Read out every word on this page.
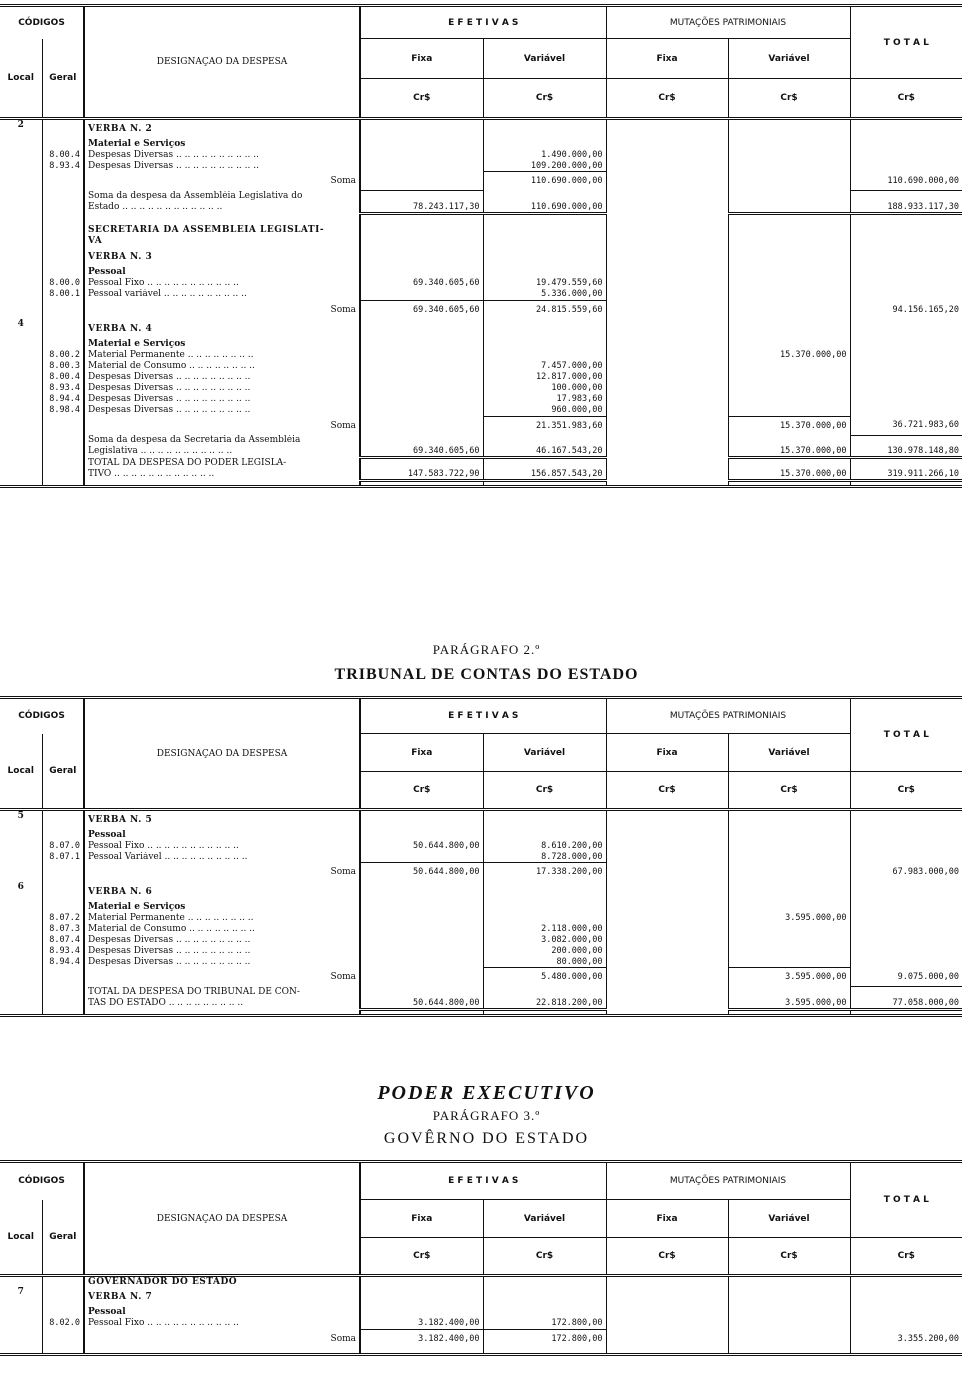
CÓDIGOS		DESIGNAÇAO DA DESPESA	E F E T I V A S		MUTAÇÕES PATRIMONIAIS		T O T A L
Local	Geral		Fixa	Variável	Fixa	Variável	
			Cr$	Cr$	Cr$	Cr$	Cr$
2		VERBA N. 2					
		Material e Serviços					
	8.00.4	Despesas Diversas .. .. .. .. .. .. .. .. .. ..		1.490.000,00			
	8.93.4	Despesas Diversas .. .. .. .. .. .. .. .. .. ..		109.200.000,00			
		Soma		110.690.000,00			110.690.000,00
		Soma da despesa da Assembléia Legislativa do					
		Estado .. .. .. .. .. .. .. .. .. .. .. ..	78.243.117,30	110.690.000,00			188.933.117,30

		SECRETARIA DA ASSEMBLÉIA LEGISLATI-					
		VA					
		VERBA N. 3					
		Pessoal					
	8.00.0	Pessoal Fixo .. .. .. .. .. .. .. .. .. .. ..	69.340.605,60	19.479.559,60			
	8.00.1	Pessoal variável .. .. .. .. .. .. .. .. .. ..		5.336.000,00			
		Soma	69.340.605,60	24.815.559,60			94.156.165,20
4		VERBA N. 4					
		Material e Serviços					
	8.00.2	Material Permanente .. .. .. .. .. .. .. ..				15.370.000,00	
	8.00.3	Material de Consumo .. .. .. .. .. .. .. ..		7.457.000,00			
	8.00.4	Despesas Diversas .. .. .. .. .. .. .. .. ..		12.817.000,00			
	8.93.4	Despesas Diversas .. .. .. .. .. .. .. .. ..		100.000,00			
	8.94.4	Despesas Diversas .. .. .. .. .. .. .. .. ..		17.983,60			
	8.98.4	Despesas Diversas .. .. .. .. .. .. .. .. ..		960.000,00			
		Soma		21.351.983,60		15.370.000,00	36.721.983,60
		Soma da despesa da Secretaria da Assembléia					
		Legislativa .. .. .. .. .. .. .. .. .. .. ..	69.340.605,60	46.167.543,20		15.370.000,00	130.978.148,80
		TOTAL DA DESPESA DO PODER LEGISLA-					
		TIVO .. .. .. .. .. .. .. .. .. .. .. ..	147.583.722,90	156.857.543,20		15.370.000,00	319.911.266,10

PARÁGRAFO 2.º
TRIBUNAL DE CONTAS DO ESTADO
CÓDIGOS		DESIGNAÇAO DA DESPESA	E F E T I V A S		MUTAÇÕES PATRIMONIAIS		T O T A L
Local	Geral		Fixa	Variável	Fixa	Variável	
			Cr$	Cr$	Cr$	Cr$	Cr$
5		VERBA N. 5					
		Pessoal					
	8.07.0	Pessoal Fixo .. .. .. .. .. .. .. .. .. .. ..	50.644.800,00	8.610.200,00			
	8.07.1	Pessoal Variável .. .. .. .. .. .. .. .. .. ..		8.728.000,00			
		Soma	50.644.800,00	17.338.200,00			67.983.000,00
6		VERBA N. 6					
		Material e Serviços					
	8.07.2	Material Permanente .. .. .. .. .. .. .. ..				3.595.000,00	
	8.07.3	Material de Consumo .. .. .. .. .. .. .. ..		2.118.000,00			
	8.07.4	Despesas Diversas .. .. .. .. .. .. .. .. ..		3.082.000,00			
	8.93.4	Despesas Diversas .. .. .. .. .. .. .. .. ..		200.000,00			
	8.94.4	Despesas Diversas .. .. .. .. .. .. .. .. ..		80.000,00			
		Soma		5.480.000,00		3.595.000,00	9.075.000,00
		TOTAL DA DESPESA DO TRIBUNAL DE CON-					
		TAS DO ESTADO .. .. .. .. .. .. .. .. ..	50.644.800,00	22.818.200,00		3.595.000,00	77.058.000,00

PODER EXECUTIVO
PARÁGRAFO 3.º
GOVÊRNO DO ESTADO
CÓDIGOS		DESIGNAÇAO DA DESPESA	E F E T I V A S		MUTAÇÕES PATRIMONIAIS		T O T A L
Local	Geral		Fixa	Variável	Fixa	Variável	
			Cr$	Cr$	Cr$	Cr$	Cr$
		GOVERNADOR DO ESTADO					
7		VERBA N. 7					
		Pessoal					
	8.02.0	Pessoal Fixo .. .. .. .. .. .. .. .. .. .. ..	3.182.400,00	172.800,00			
		Soma	3.182.400,00	172.800,00			3.355.200,00
